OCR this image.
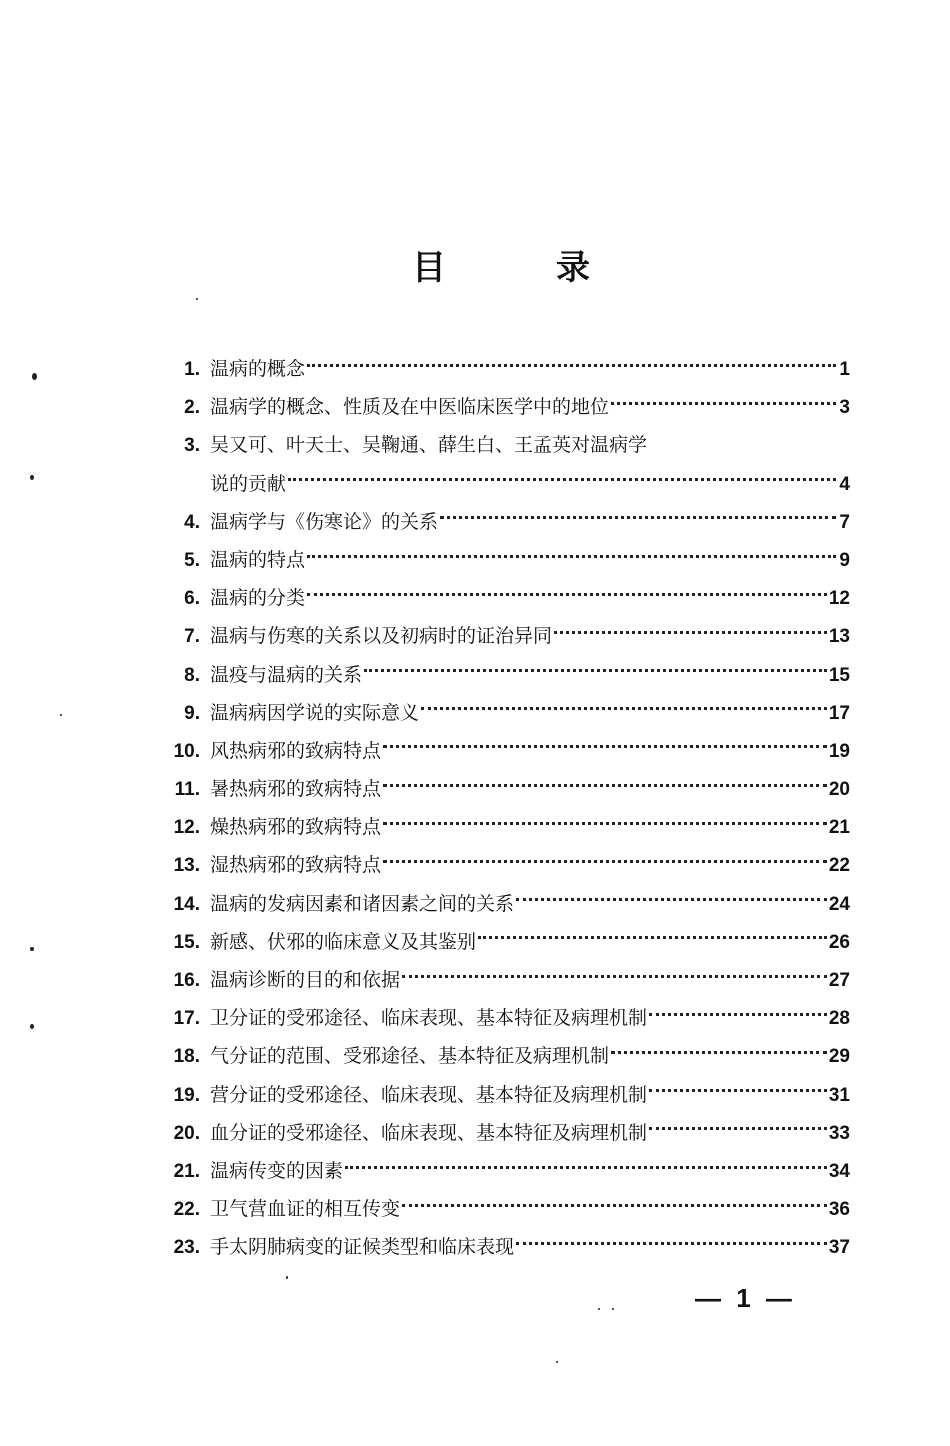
目	录
1. 温病的概念	1
2. 温病学的概念、性质及在中医临床医学中的地位	3
3. 吴又可、叶天士、吴鞠通、薛生白、王孟英对温病学
说的贡献	4
4. 温病学与《伤寒论》的关系	7
5. 温病的特点	9
6. 温病的分类	12
7. 温病与伤寒的关系以及初病时的证治异同	13
8. 温疫与温病的关系	15
9. 温病病因学说的实际意义	17
10. 风热病邪的致病特点	19
11. 暑热病邪的致病特点	20
12. 燥热病邪的致病特点	21
13. 湿热病邪的致病特点	22
14. 温病的发病因素和诸因素之间的关系	24
15. 新感、伏邪的临床意义及其鉴别	26
16. 温病诊断的目的和依据	27
17. 卫分证的受邪途径、临床表现、基本特征及病理机制	28
18. 气分证的范围、受邪途径、基本特征及病理机制	29
19. 营分证的受邪途径、临床表现、基本特征及病理机制	31
20. 血分证的受邪途径、临床表现、基本特征及病理机制	33
21. 温病传变的因素	34
22. 卫气营血证的相互传变	36
23. 手太阴肺病变的证候类型和临床表现	37
— 1 —
